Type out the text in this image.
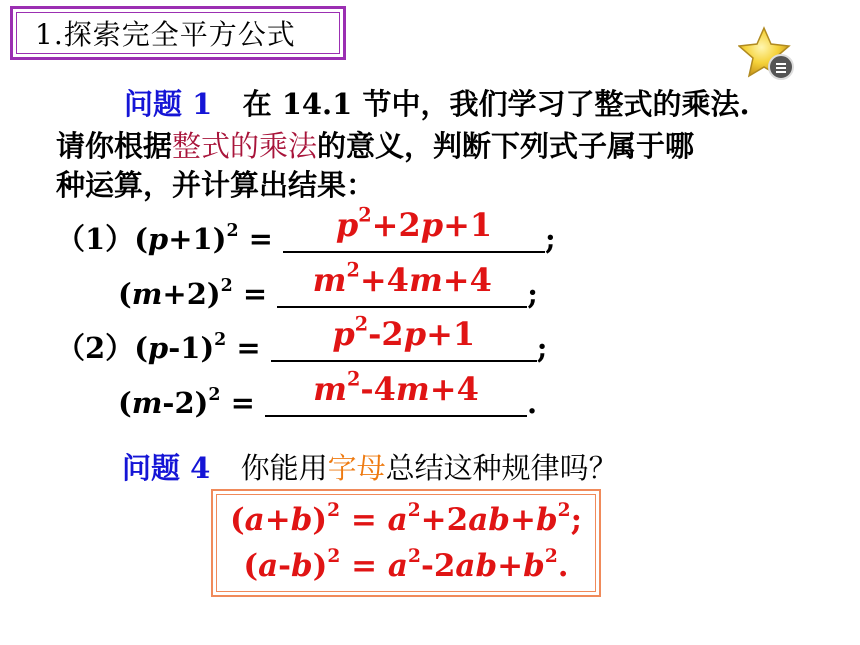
1.探索完全平方公式
问题 1 在 14.1 节中，我们学习了整式的乘法.
请你根据整式的乘法的意义，判断下列式子属于哪
种运算，并计算出结果：
$(1)(p+1)^2$ =	$p^2+2p+1$	;
$(m+2)^2$ =	$m^2+4m+4$	;
$(2)(p-1)^2$ =	$p^2-2p+1$	;
$(m-2)^2$ =	$m^2-4m+4$	.
问题 4 你能用字母总结这种规律吗？
$(a+b)^2 = a^2+2ab+b^2$;
$(a-b)^2 = a^2-2ab+b^2$.
